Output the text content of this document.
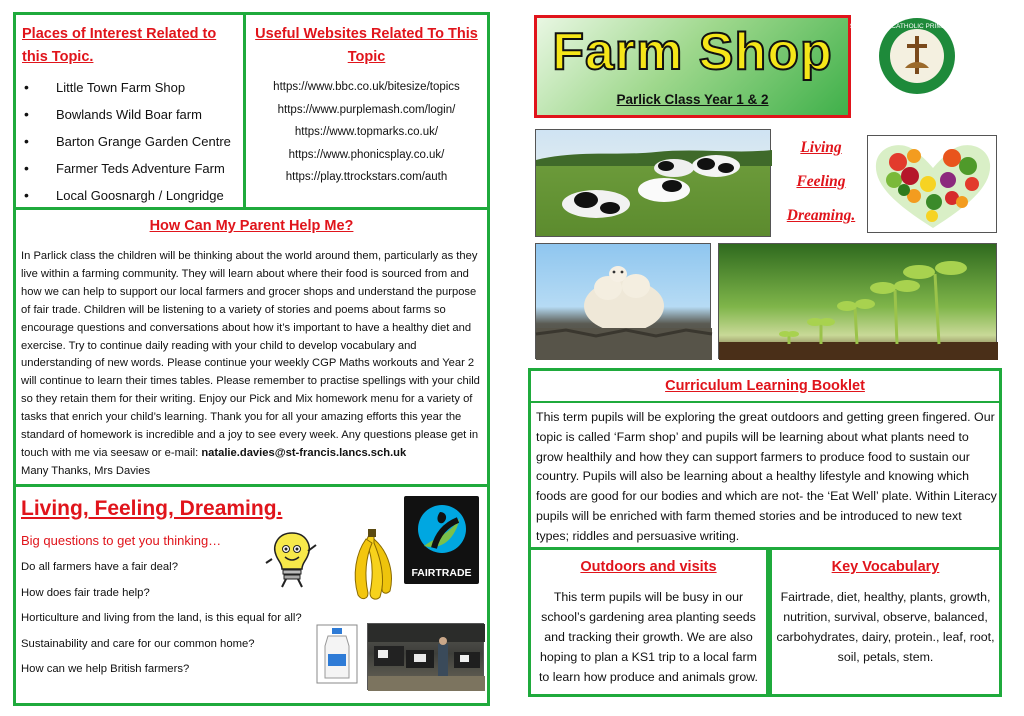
Places of Interest Related to this Topic.
• Little Town Farm Shop
• Bowlands Wild Boar farm
• Barton Grange Garden Centre
• Farmer Teds Adventure Farm
• Local Goosnargh / Longridge
Useful Websites Related To This Topic
https://www.bbc.co.uk/bitesize/topics
https://www.purplemash.com/login/
https://www.topmarks.co.uk/
https://www.phonicsplay.co.uk/
https://play.ttrockstars.com/auth
How Can My Parent Help Me?
In Parlick class the children will be thinking about the world around them, particularly as they live within a farming community. They will learn about where their food is sourced from and how we can help to support our local farmers and grocer shops and understand the purpose of fair trade. Children will be listening to a variety of stories and poems about farms so encourage questions and conversations about how it’s important to have a healthy diet and exercise. Try to continue daily reading with your child to develop vocabulary and understanding of new words. Please continue your weekly CGP Maths workouts and Year 2 will continue to learn their times tables. Please remember to practise spellings with your child so they retain them for their writing. Enjoy our Pick and Mix homework menu for a variety of tasks that enrich your child’s learning. Thank you for all your amazing efforts this year the standard of homework is incredible and a joy to see every week. Any questions please get in touch with me via seesaw or e-mail: natalie.davies@st-francis.lancs.sch.uk
Many Thanks, Mrs Davies
Living, Feeling, Dreaming.
Big questions to get you thinking…
Do all farmers have a fair deal?
How does fair trade help?
Horticulture and living from the land, is this equal for all?
Sustainability and care for our common home?
How can we help British farmers?
FAIRTRADE
Farm Shop
Parlick Class Year 1 & 2
ST FRANCIS' CATHOLIC PRIMARY SCHOOL
Living
Feeling
Dreaming.
Curriculum Learning Booklet
This term pupils will be exploring the great outdoors and getting green fingered. Our topic is called ‘Farm shop’ and pupils will be learning about what plants need to grow healthily and how they can support farmers to produce food to sustain our country. Pupils will also be learning about a healthy lifestyle and knowing which foods are good for our bodies and which are not- the ‘Eat Well’ plate. Within Literacy pupils will be enriched with farm themed stories and be introduced to new text types; riddles and persuasive writing.
Outdoors and visits
This term pupils will be busy in our school’s gardening area planting seeds and tracking their growth. We are also hoping to plan a KS1 trip to a local farm to learn how produce and animals grow.
Key Vocabulary
Fairtrade, diet, healthy, plants, growth, nutrition, survival, observe, balanced, carbohydrates, dairy, protein., leaf, root, soil, petals, stem.
